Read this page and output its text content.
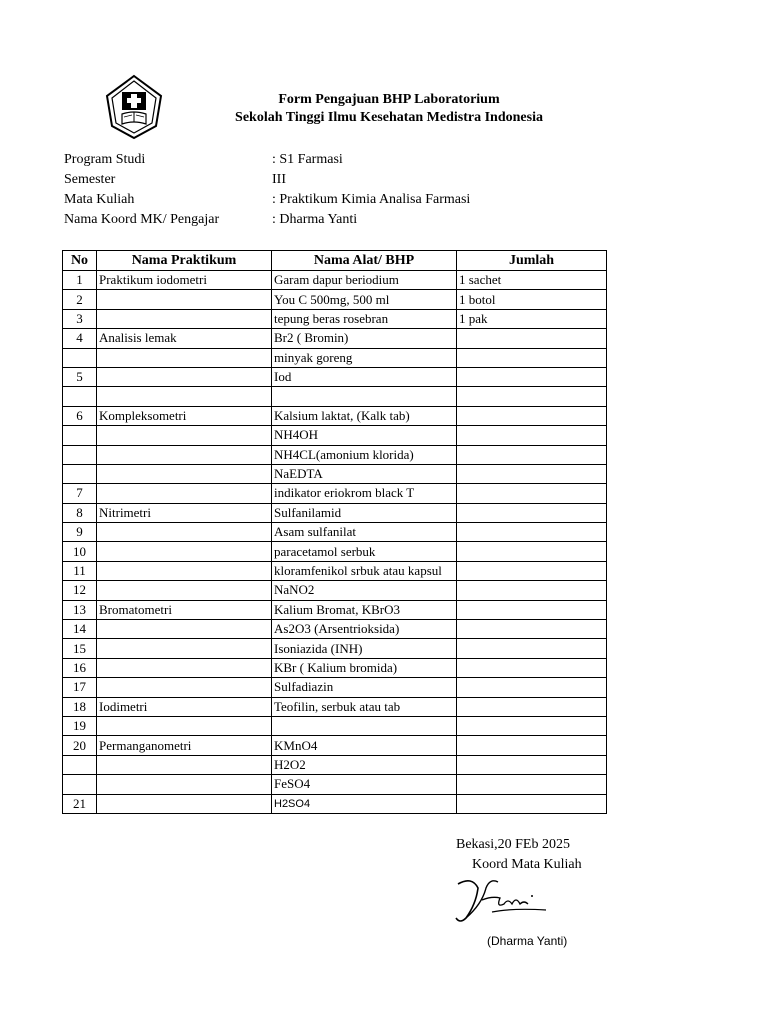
Form Pengajuan BHP Laboratorium
Sekolah Tinggi Ilmu Kesehatan Medistra Indonesia
Program Studi	: S1 Farmasi
Semester	III
Mata Kuliah	: Praktikum Kimia Analisa Farmasi
Nama Koord MK/ Pengajar	: Dharma Yanti
No	Nama Praktikum	Nama Alat/ BHP	Jumlah
1	Praktikum iodometri	Garam dapur beriodium	1 sachet
2		You C 500mg, 500 ml	1 botol
3		tepung beras rosebran	1 pak
4	Analisis lemak	Br2 ( Bromin)	
		minyak goreng	
5		Iod	

6	Kompleksometri	Kalsium laktat, (Kalk tab)	
		NH4OH	
		NH4CL(amonium klorida)	
		NaEDTA	
7		indikator eriokrom black T	
8	Nitrimetri	Sulfanilamid	
9		Asam sulfanilat	
10		paracetamol serbuk	
11		kloramfenikol srbuk atau kapsul	
12		NaNO2	
13	Bromatometri	Kalium Bromat, KBrO3	
14		As2O3 (Arsentrioksida)	
15		Isoniazida (INH)	
16		KBr ( Kalium bromida)	
17		Sulfadiazin	
18	Iodimetri	Teofilin, serbuk atau tab	
19			
20	Permanganometri	KMnO4	
		H2O2	
		FeSO4	
21		H2SO4	
Bekasi,20 FEb 2025
Koord Mata Kuliah
(Dharma Yanti)
